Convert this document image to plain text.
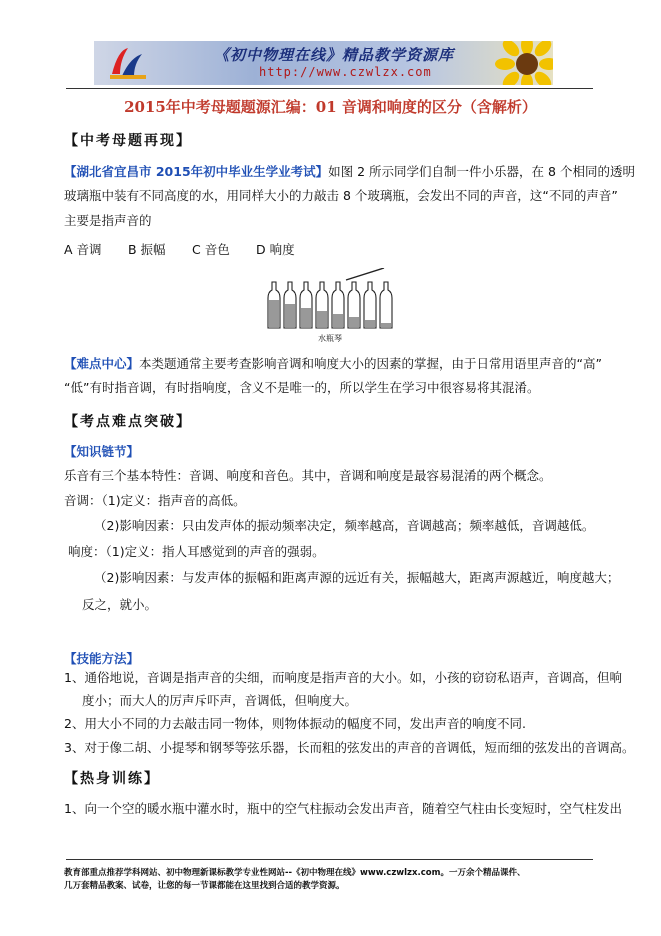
《初中物理在线》精品教学资源库
http://www.czwlzx.com
2015年中考母题题源汇编：01 音调和响度的区分（含解析）
【中考母题再现】
【湖北省宜昌市 2015年初中毕业生学业考试】如图 2 所示同学们自制一件小乐器，在 8 个相同的透明
玻璃瓶中装有不同高度的水，用同样大小的力敲击 8 个玻璃瓶，会发出不同的声音，这“不同的声音”
主要是指声音的
A 音调 B 振幅 C 音色 D 响度
水瓶琴
【难点中心】本类题通常主要考查影响音调和响度大小的因素的掌握，由于日常用语里声音的“高”
“低”有时指音调，有时指响度，含义不是唯一的，所以学生在学习中很容易将其混淆。
【考点难点突破】
【知识链节】
乐音有三个基本特性：音调、响度和音色。其中，音调和响度是最容易混淆的两个概念。
音调：（1)定义：指声音的高低。
（2)影响因素：只由发声体的振动频率决定，频率越高，音调越高；频率越低，音调越低。
响度：（1)定义：指人耳感觉到的声音的强弱。
（2)影响因素：与发声体的振幅和距离声源的远近有关，振幅越大，距离声源越近，响度越大；
反之，就小。
【技能方法】
1、通俗地说，音调是指声音的尖细，而响度是指声音的大小。如，小孩的窃窃私语声，音调高，但响
度小；而大人的厉声斥吓声，音调低，但响度大。
2、用大小不同的力去敲击同一物体，则物体振动的幅度不同，发出声音的响度不同.
3、对于像二胡、小提琴和钢琴等弦乐器，长而粗的弦发出的声音的音调低，短而细的弦发出的音调高。
【热身训练】
1、向一个空的暖水瓶中灌水时，瓶中的空气柱振动会发出声音，随着空气柱由长变短时，空气柱发出
教育部重点推荐学科网站、初中物理新课标教学专业性网站--《初中物理在线》www.czwlzx.com。一万余个精品课件、
几万套精品教案、试卷，让您的每一节课都能在这里找到合适的教学资源。
